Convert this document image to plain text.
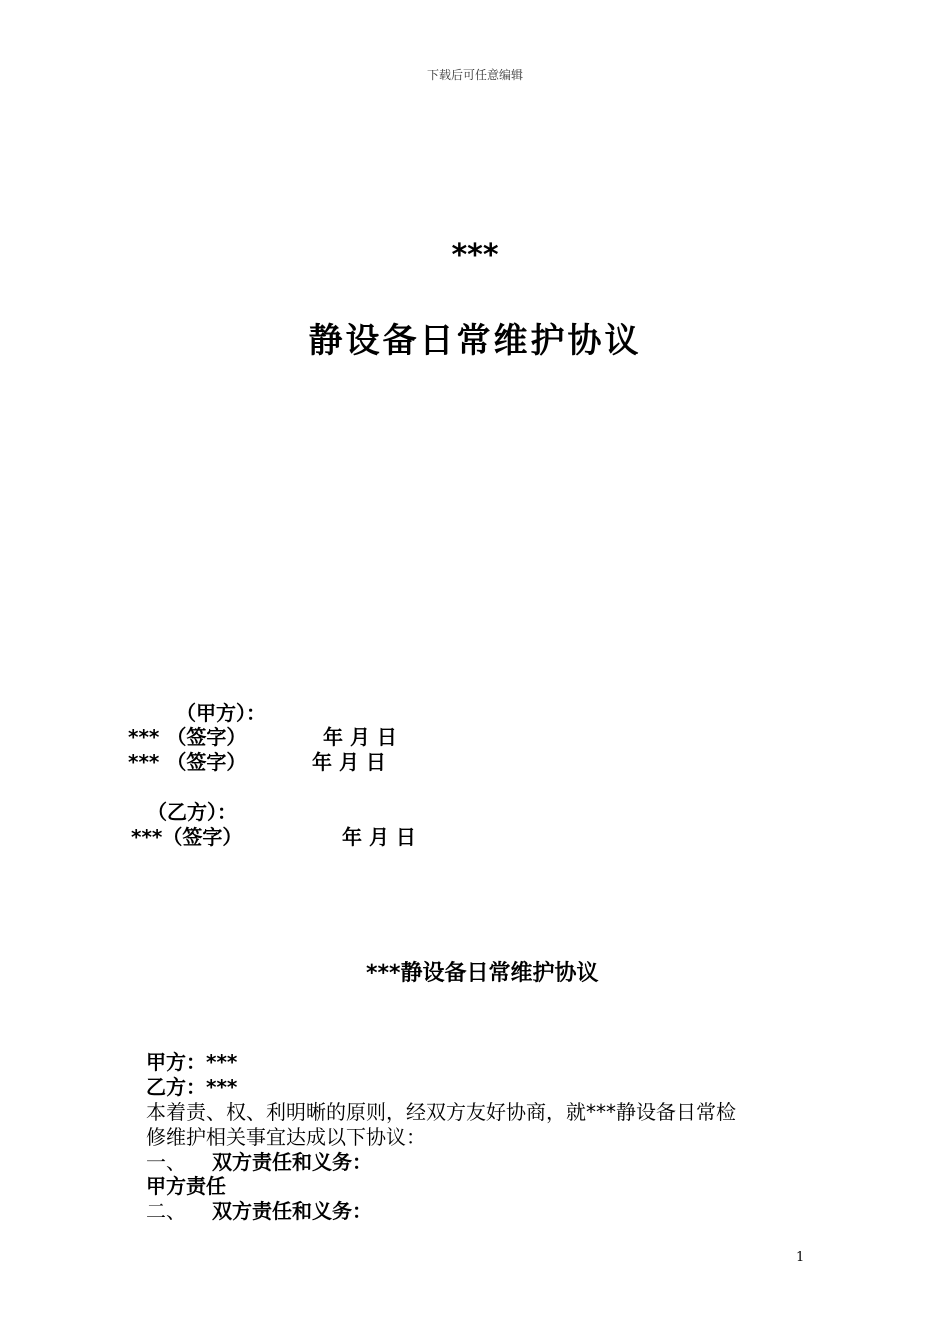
下载后可任意编辑
***
静设备日常维护协议
（甲方）：
*** （签字）	年 月 日
*** （签字）	年 月 日
（乙方）：
***（签字）	年 月 日
***静设备日常维护协议
甲方：***
乙方：***
本着责、权、利明晰的原则，经双方友好协商，就***静设备日常检
修维护相关事宜达成以下协议：
一、 双方责任和义务：
甲方责任
二、 双方责任和义务：
1
